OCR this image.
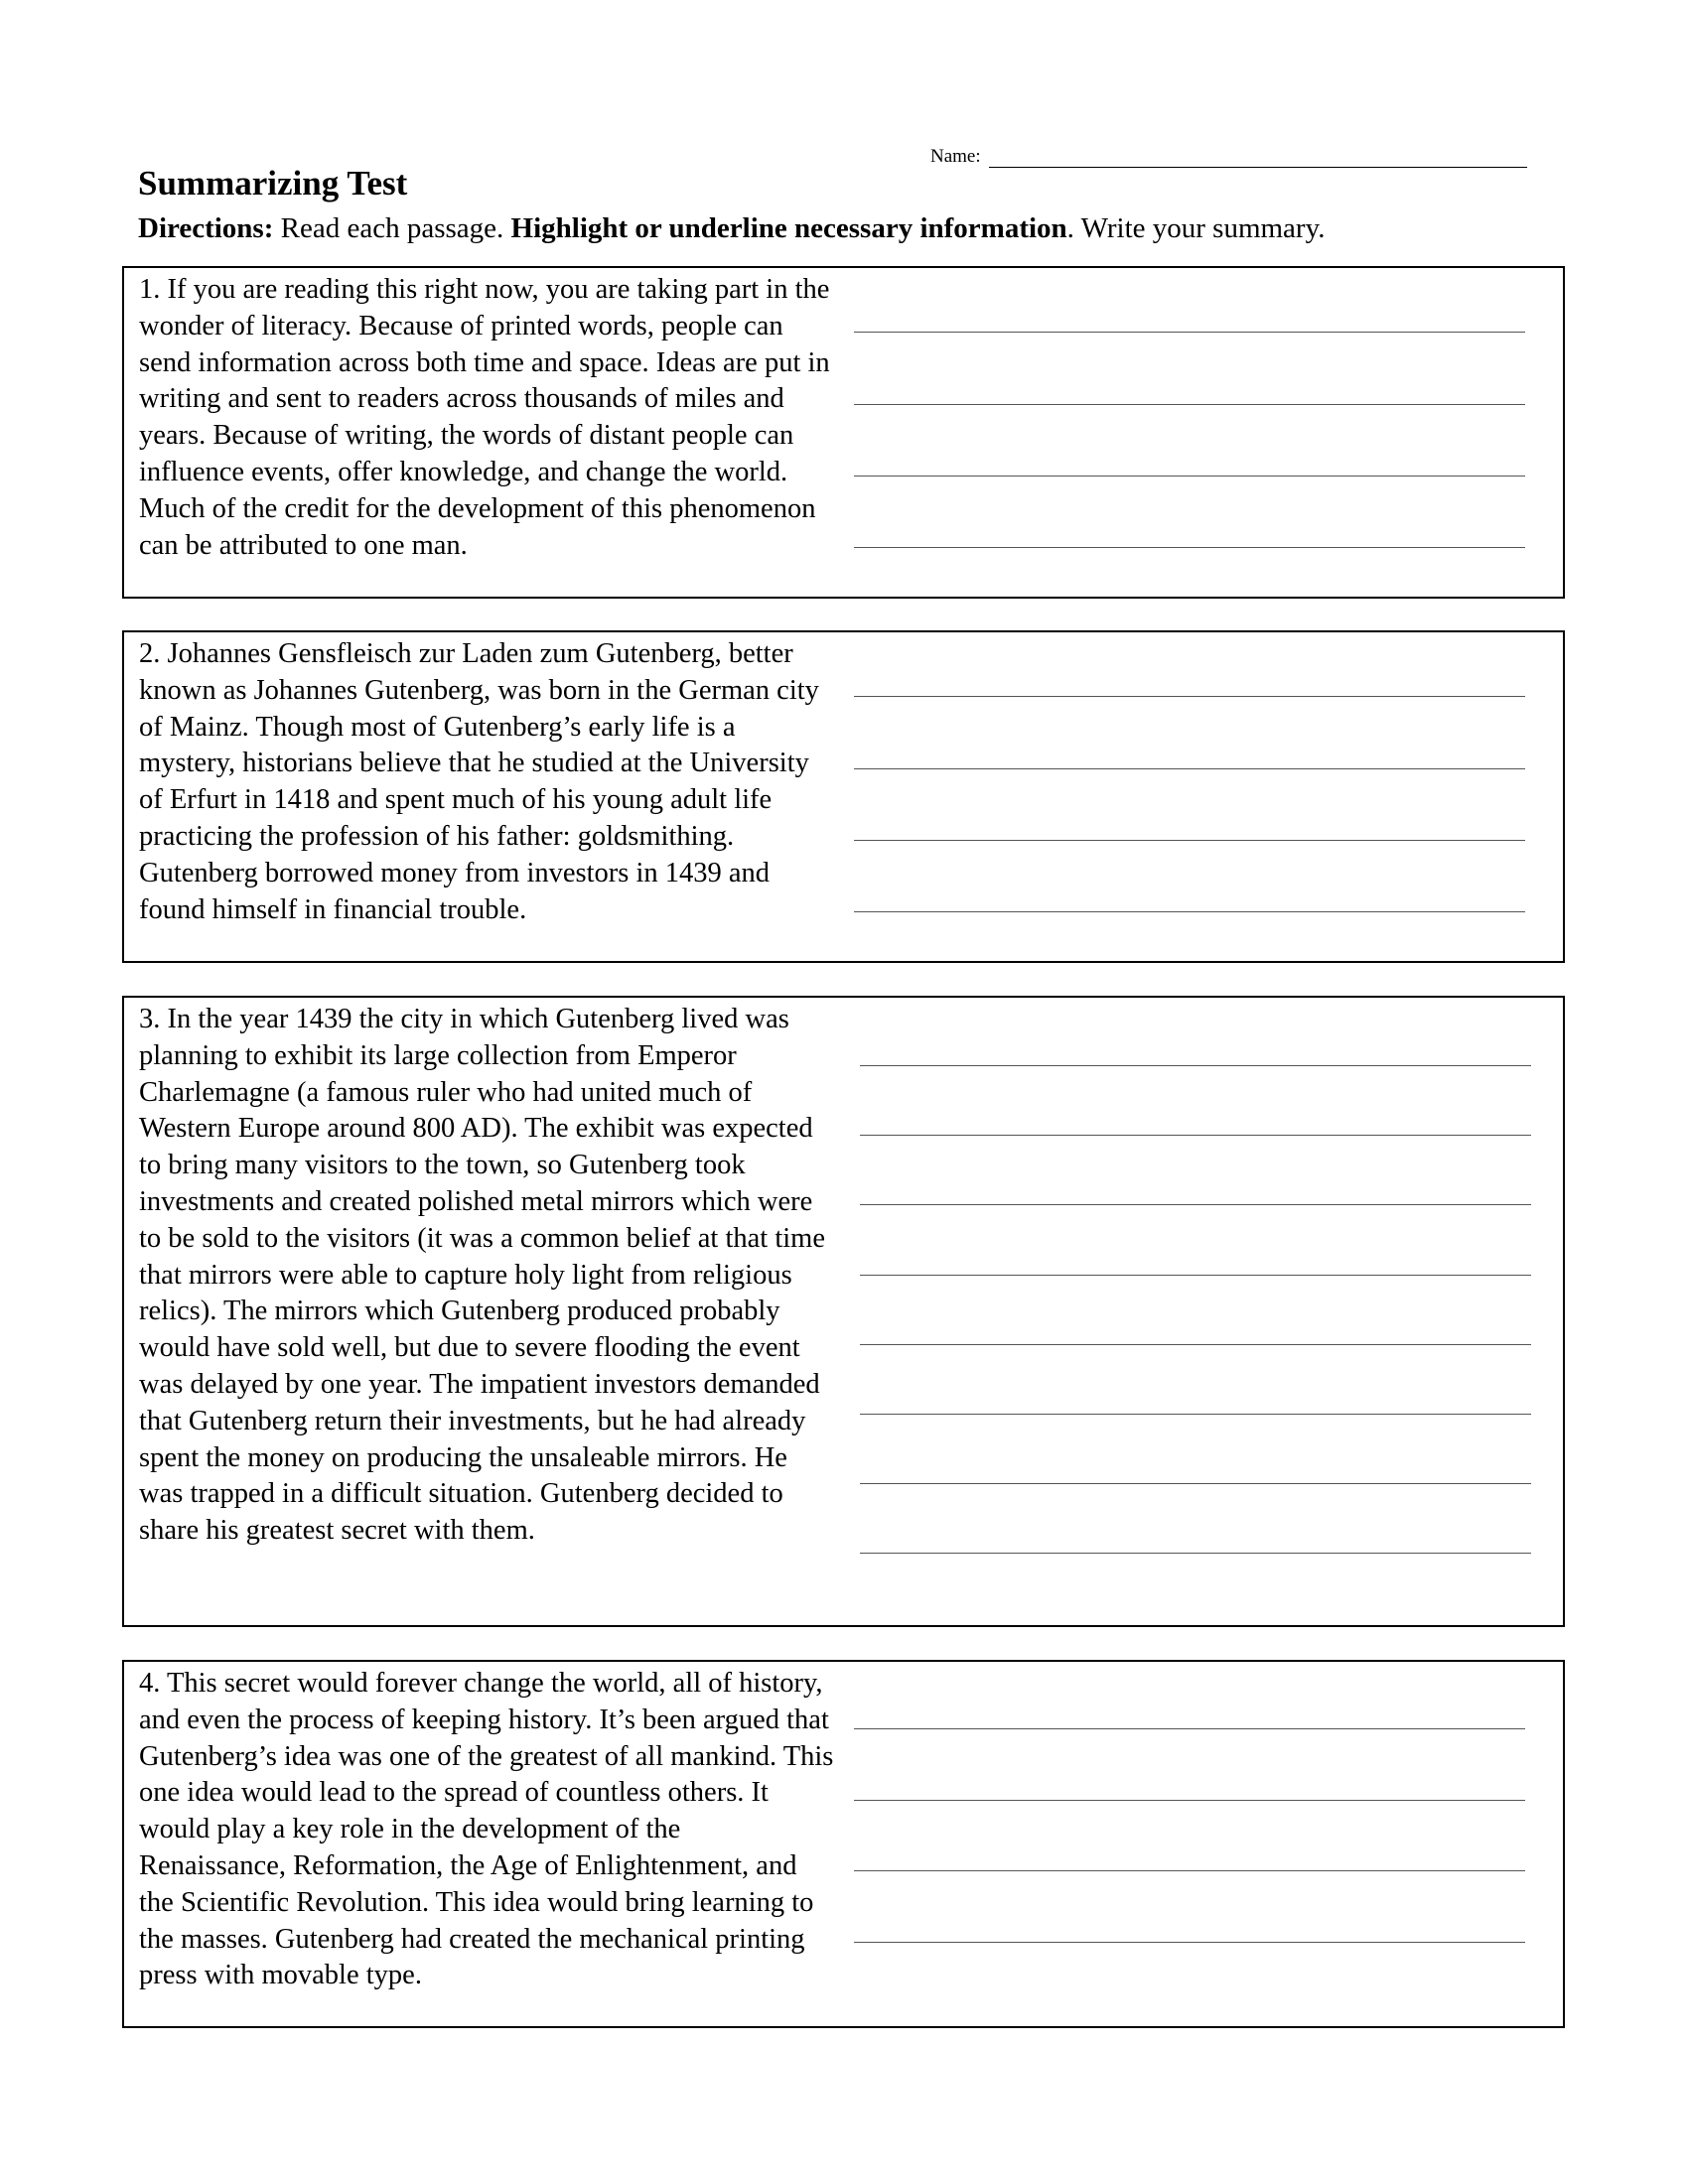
Name:
Summarizing Test

Directions: Read each passage. Highlight or underline necessary information. Write your summary.

1. If you are reading this right now, you are taking part in the wonder of literacy. Because of printed words, people can send information across both time and space. Ideas are put in writing and sent to readers across thousands of miles and years. Because of writing, the words of distant people can influence events, offer knowledge, and change the world. Much of the credit for the development of this phenomenon can be attributed to one man.

2. Johannes Gensfleisch zur Laden zum Gutenberg, better known as Johannes Gutenberg, was born in the German city of Mainz. Though most of Gutenberg’s early life is a mystery, historians believe that he studied at the University of Erfurt in 1418 and spent much of his young adult life practicing the profession of his father: goldsmithing. Gutenberg borrowed money from investors in 1439 and found himself in financial trouble.

3. In the year 1439 the city in which Gutenberg lived was planning to exhibit its large collection from Emperor Charlemagne (a famous ruler who had united much of Western Europe around 800 AD). The exhibit was expected to bring many visitors to the town, so Gutenberg took investments and created polished metal mirrors which were to be sold to the visitors (it was a common belief at that time that mirrors were able to capture holy light from religious relics). The mirrors which Gutenberg produced probably would have sold well, but due to severe flooding the event was delayed by one year. The impatient investors demanded that Gutenberg return their investments, but he had already spent the money on producing the unsaleable mirrors. He was trapped in a difficult situation. Gutenberg decided to share his greatest secret with them.

4. This secret would forever change the world, all of history, and even the process of keeping history. It’s been argued that Gutenberg’s idea was one of the greatest of all mankind. This one idea would lead to the spread of countless others. It would play a key role in the development of the Renaissance, Reformation, the Age of Enlightenment, and the Scientific Revolution. This idea would bring learning to the masses. Gutenberg had created the mechanical printing press with movable type.
